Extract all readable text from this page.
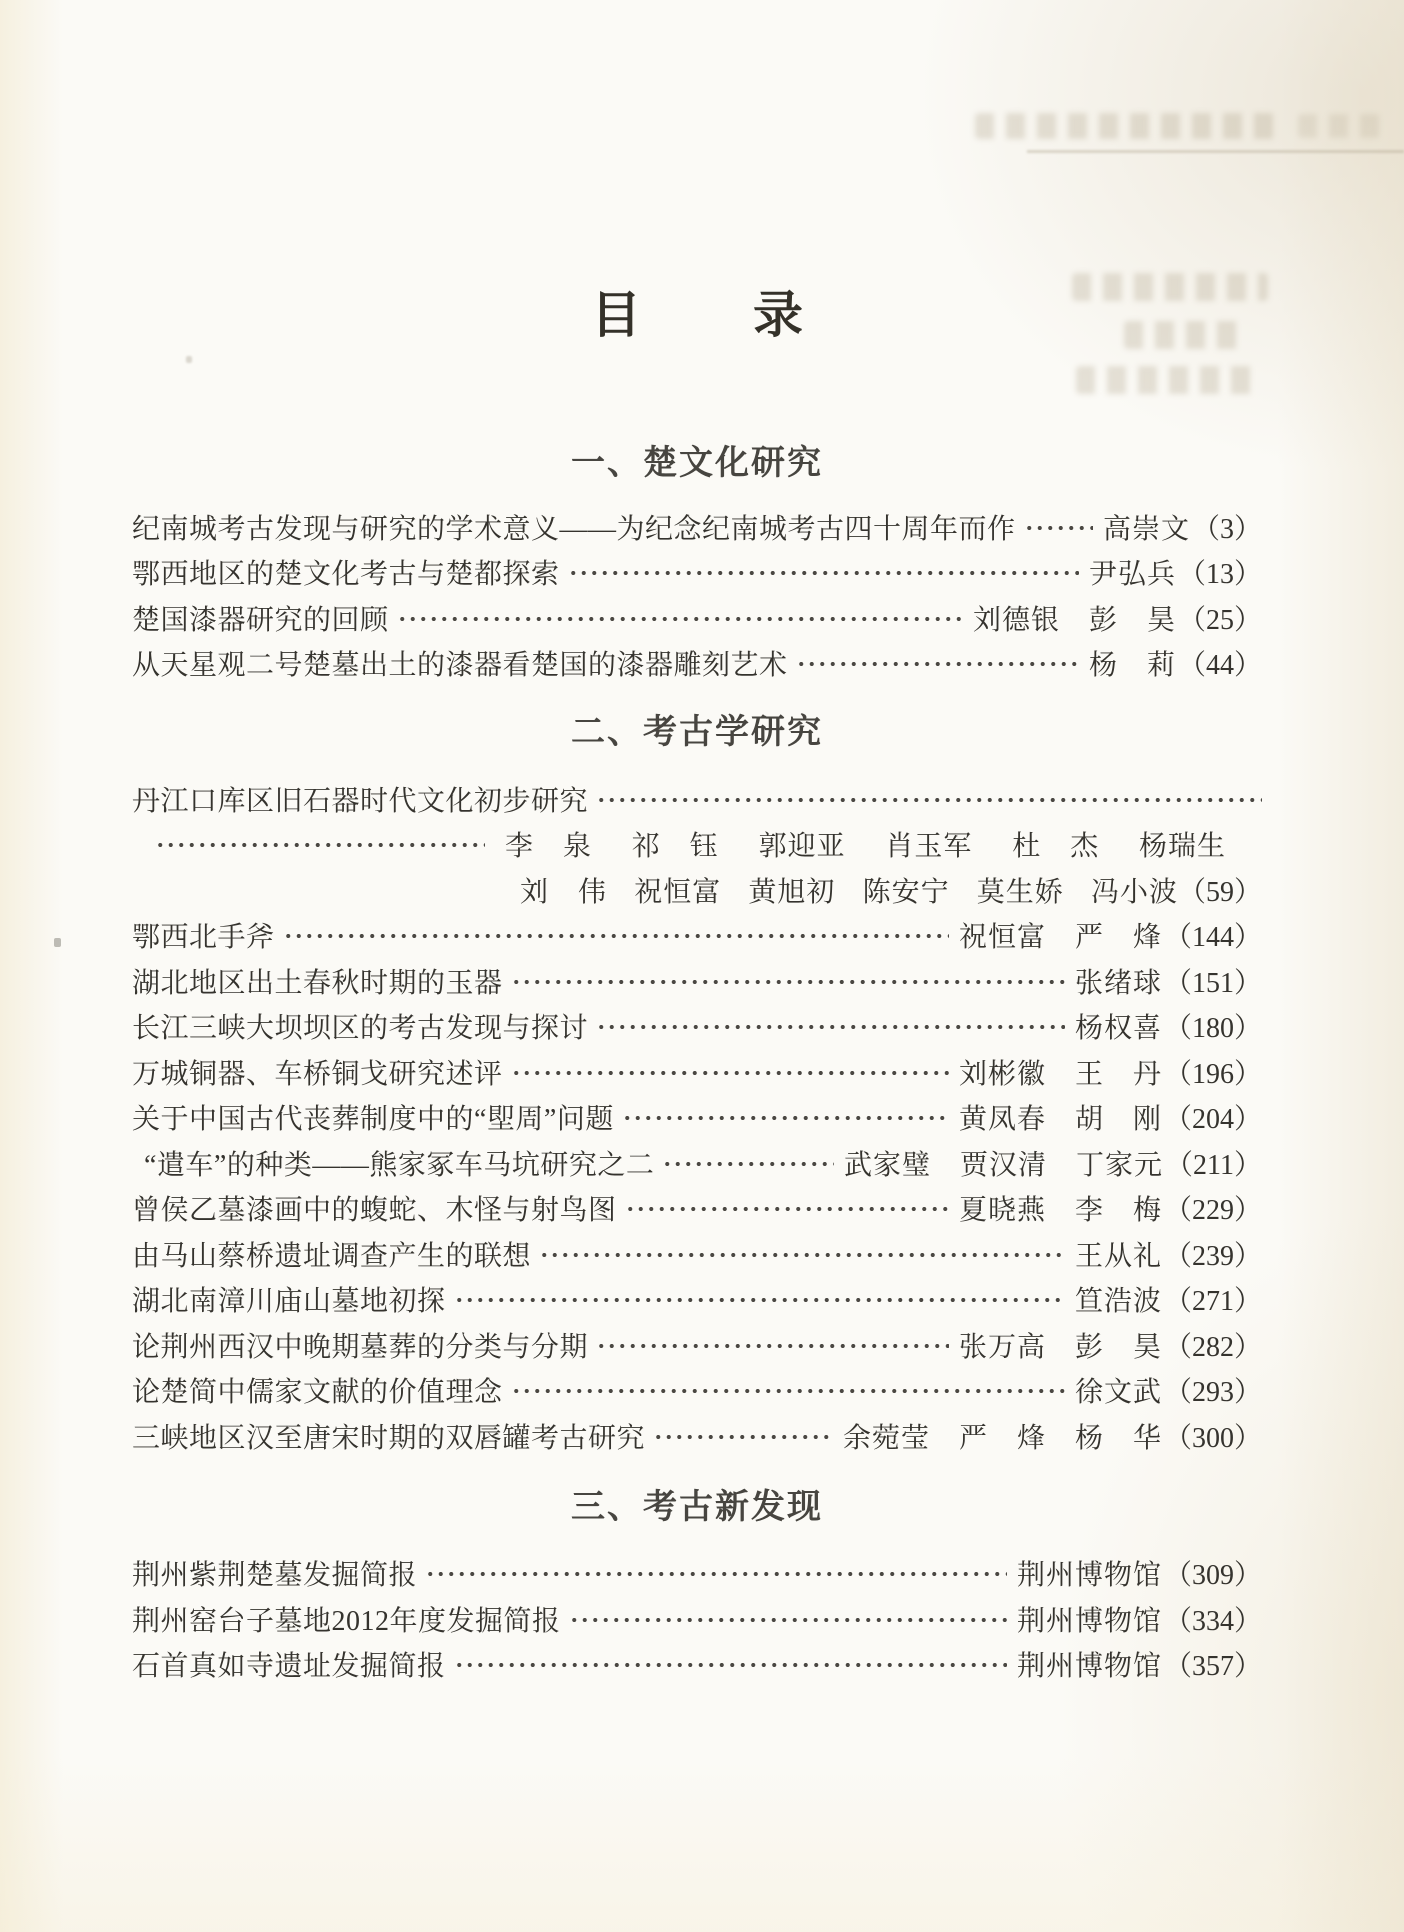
目 录
一、楚文化研究
纪南城考古发现与研究的学术意义——为纪念纪南城考古四十周年而作	高崇文 （3）
鄂西地区的楚文化考古与楚都探索	尹弘兵 （13）
楚国漆器研究的回顾	刘德银　彭　昊 （25）
从天星观二号楚墓出土的漆器看楚国的漆器雕刻艺术	杨　莉 （44）
二、考古学研究
丹江口库区旧石器时代文化初步研究
李　泉 祁　钰 郭迎亚 肖玉军 杜　杰 杨瑞生
刘　伟 祝恒富 黄旭初 陈安宁 莫生娇 冯小波（59）
鄂西北手斧	祝恒富　严　烽 （144）
湖北地区出土春秋时期的玉器	张绪球 （151）
长江三峡大坝坝区的考古发现与探讨	杨权喜 （180）
万城铜器、车桥铜戈研究述评	刘彬徽　王　丹 （196）
关于中国古代丧葬制度中的“堲周”问题	黄凤春　胡　刚 （204）
“遣车”的种类——熊家冢车马坑研究之二	武家璧　贾汉清　丁家元 （211）
曾侯乙墓漆画中的蝮蛇、木怪与射鸟图	夏晓燕　李　梅 （229）
由马山蔡桥遗址调查产生的联想	王从礼 （239）
湖北南漳川庙山墓地初探	笪浩波 （271）
论荆州西汉中晚期墓葬的分类与分期	张万高　彭　昊 （282）
论楚简中儒家文献的价值理念	徐文武 （293）
三峡地区汉至唐宋时期的双唇罐考古研究	余菀莹　严　烽　杨　华 （300）
三、考古新发现
荆州紫荆楚墓发掘简报	荆州博物馆 （309）
荆州窑台子墓地2012年度发掘简报	荆州博物馆 （334）
石首真如寺遗址发掘简报	荆州博物馆 （357）
